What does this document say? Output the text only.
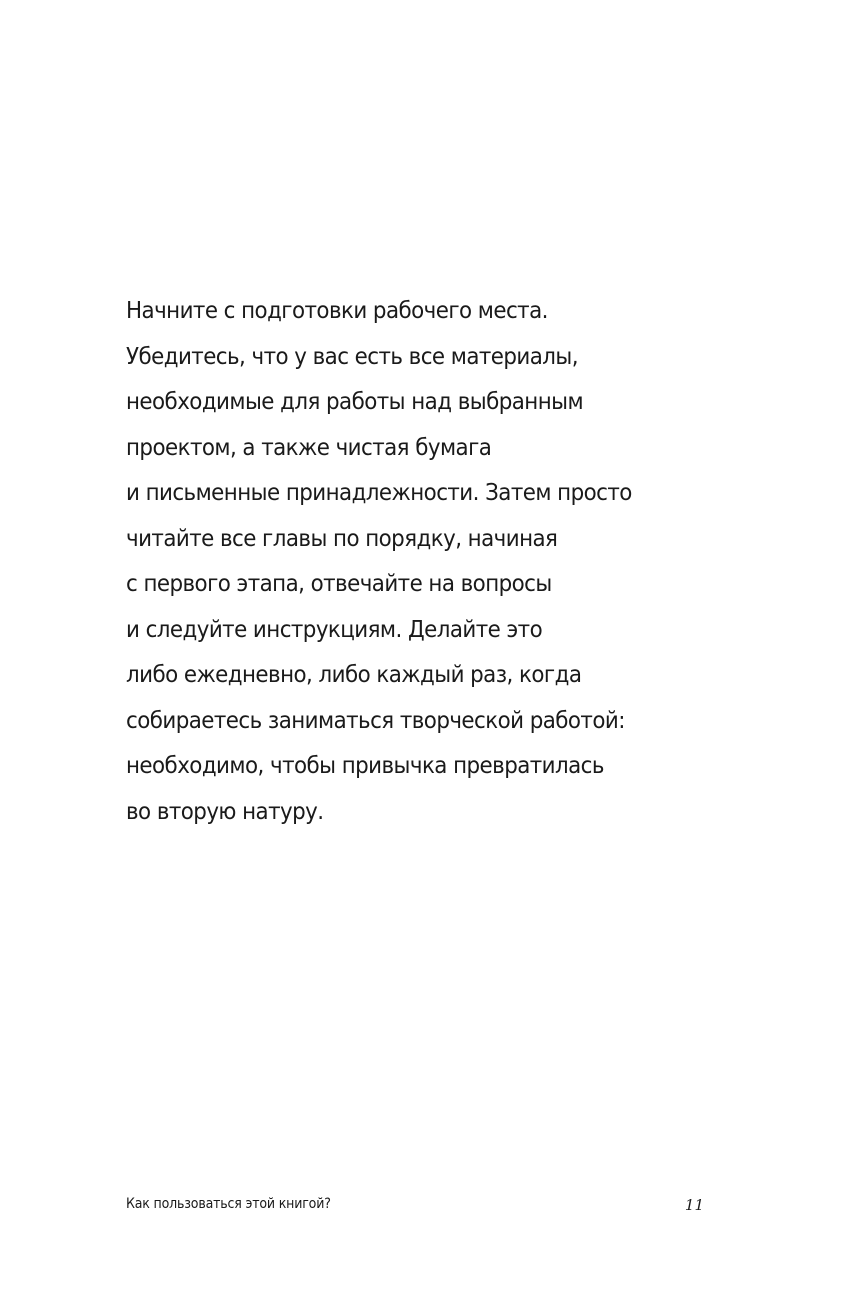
Начните с подготовки рабочего места.
Убедитесь, что у вас есть все материалы,
необходимые для работы над выбранным
проектом, а также чистая бумага
и письменные принадлежности. Затем просто
читайте все главы по порядку, начиная
с первого этапа, отвечайте на вопросы
и следуйте инструкциям. Делайте это
либо ежедневно, либо каждый раз, когда
собираетесь заниматься творческой работой:
необходимо, чтобы привычка превратилась
во вторую натуру.

Как пользоваться этой книгой?	11
